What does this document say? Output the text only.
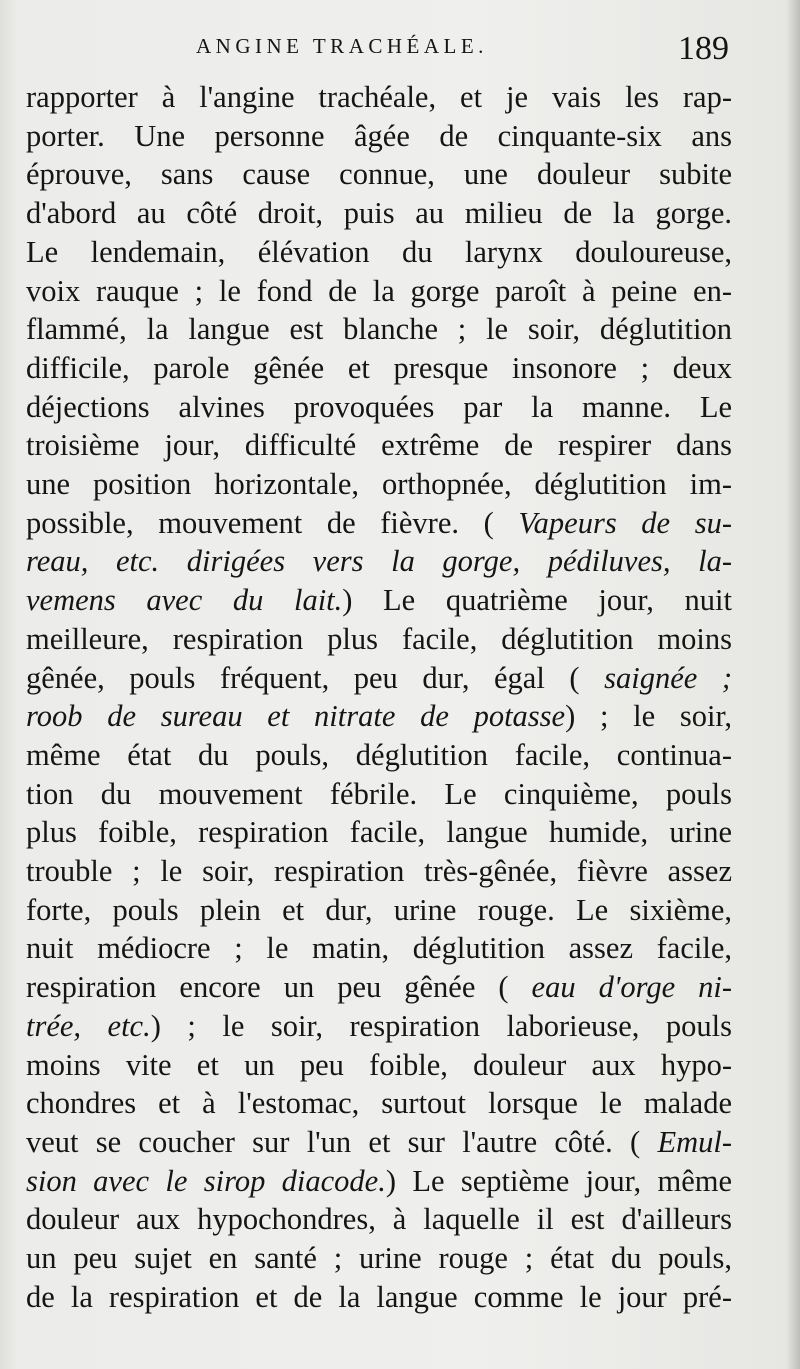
ANGINE TRACHÉALE.	189
rapporter à l'angine trachéale, et je vais les rap-
porter. Une personne âgée de cinquante-six ans
éprouve, sans cause connue, une douleur subite
d'abord au côté droit, puis au milieu de la gorge.
Le lendemain, élévation du larynx douloureuse,
voix rauque ; le fond de la gorge paroît à peine en-
flammé, la langue est blanche ; le soir, déglutition
difficile, parole gênée et presque insonore ; deux
déjections alvines provoquées par la manne. Le
troisième jour, difficulté extrême de respirer dans
une position horizontale, orthopnée, déglutition im-
possible, mouvement de fièvre. ( Vapeurs de su-
reau, etc. dirigées vers la gorge, pédiluves, la-
vemens avec du lait.) Le quatrième jour, nuit
meilleure, respiration plus facile, déglutition moins
gênée, pouls fréquent, peu dur, égal ( saignée ;
roob de sureau et nitrate de potasse) ; le soir,
même état du pouls, déglutition facile, continua-
tion du mouvement fébrile. Le cinquième, pouls
plus foible, respiration facile, langue humide, urine
trouble ; le soir, respiration très-gênée, fièvre assez
forte, pouls plein et dur, urine rouge. Le sixième,
nuit médiocre ; le matin, déglutition assez facile,
respiration encore un peu gênée ( eau d'orge ni-
trée, etc.) ; le soir, respiration laborieuse, pouls
moins vite et un peu foible, douleur aux hypo-
chondres et à l'estomac, surtout lorsque le malade
veut se coucher sur l'un et sur l'autre côté. ( Emul-
sion avec le sirop diacode.) Le septième jour, même
douleur aux hypochondres, à laquelle il est d'ailleurs
un peu sujet en santé ; urine rouge ; état du pouls,
de la respiration et de la langue comme le jour pré-
